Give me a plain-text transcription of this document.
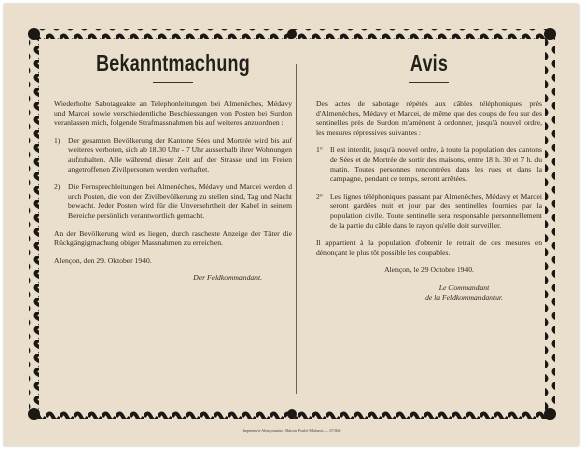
Bekanntmachung

Wiederholte Sabotageakte an Telephonleitungen bei Almenèches, Médavy und Marcei sowie verschiedentliche Beschiessungen von Posten bei Surdon veranlassen mich, folgende Strafmassnahmen bis auf weiteres anzuordnen :

1)	Der gesamten Bevölkerung der Kantone Sées und Mortrée wird bis auf weiteres verboten, sich ab 18.30 Uhr - 7 Uhr ausserhalb ihrer Wohnungen aufzuhalten. Alle während dieser Zeit auf der Strasse und im Freien angetroffenen Zivilpersonen werden verhaftet.
2)	Die Fernsprechleitungen bei Almenèches, Médavy und Marcei werden d urch Posten, die von der Zivilbevölkerung zu stellen sind, Tag und Nacht bewacht. Jeder Posten wird für die Unversehrtheit der Kabel in seinem Bereiche persönlich verantwortlich gemacht.

An der Bevölkerung wird es liegen, durch rascheste Anzeige der Täter die Rückgängigmachung obiger Massnahmen zu erreichen.

Alençon, den 29. Oktober 1940.
Der Feldkommandant.
Avis

Des actes de sabotage répétés aux câbles téléphoniques près d'Almenèches, Médavy et Marcei, de même que des coups de feu sur des sentinelles près de Surdon m'amènent à ordonner, jusqu'à nouvel ordre, les mesures répressives suivantes :

1° Il est interdit, jusqu'à nouvel ordre, à toute la population des cantons de Sées et de Mortrée de sortir des maisons, entre 18 h. 30 et 7 h. du matin. Toutes personnes rencontrées dans les rues et dans la campagne, pendant ce temps, seront arrêtées.
2° Les lignes téléphoniques passant par Almenèches, Médavy et Marcei seront gardées nuit et jour par des sentinelles fournies par la population civile. Toute sentinelle sera responsable personnellement de la partie du câble dans le rayon qu'elle doit surveiller.

Il appartient à la population d'obtenir le retrait de ces mesures en dénonçant le plus tôt possible les coupables.

Alençon, le 29 Octobre 1940.
Le Commandant
de la Feldkommandantur.
Imprimerie Alençonnaise, Maison Poulet-Malassis — 67.864
